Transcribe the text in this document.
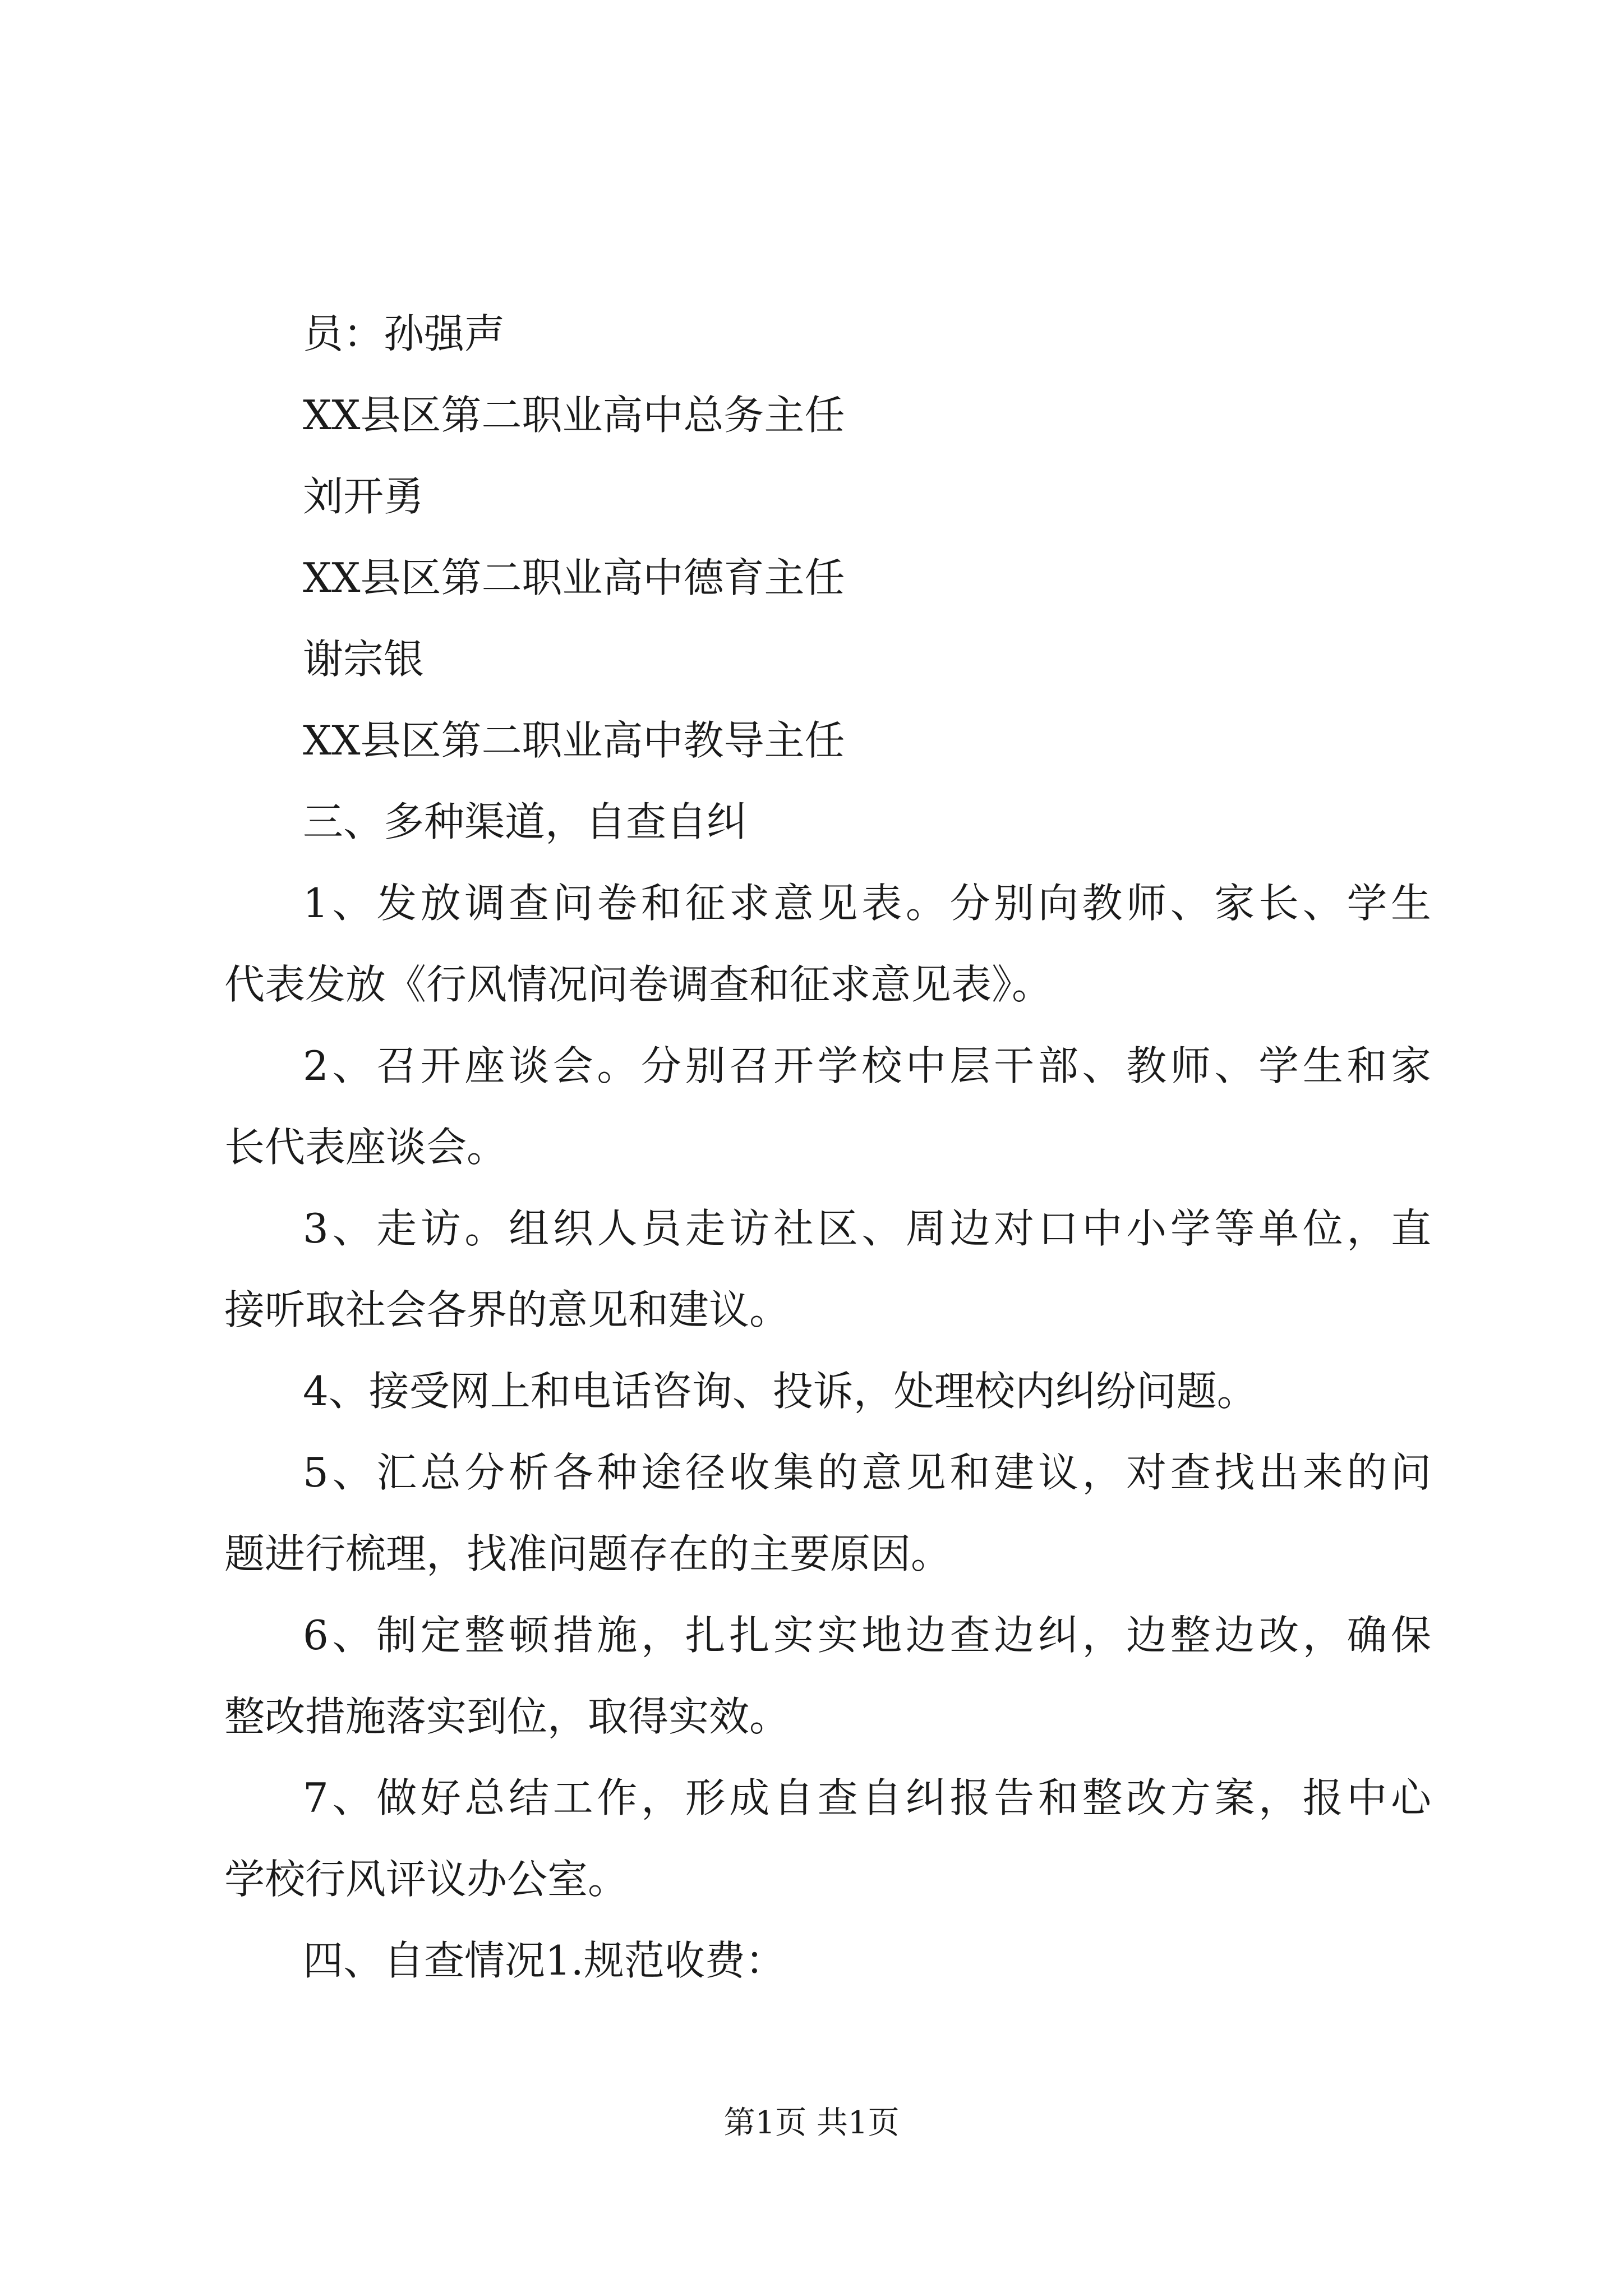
员：孙强声
XX县区第二职业高中总务主任
刘开勇
XX县区第二职业高中德育主任
谢宗银
XX县区第二职业高中教导主任
三、多种渠道，自查自纠
1、发放调查问卷和征求意见表。分别向教师、家长、学生
代表发放《行风情况问卷调查和征求意见表》。
2、召开座谈会。分别召开学校中层干部、教师、学生和家
长代表座谈会。
3、走访。组织人员走访社区、周边对口中小学等单位，直
接听取社会各界的意见和建议。
4、接受网上和电话咨询、投诉，处理校内纠纷问题。
5、汇总分析各种途径收集的意见和建议，对查找出来的问
题进行梳理，找准问题存在的主要原因。
6、制定整顿措施，扎扎实实地边查边纠，边整边改，确保
整改措施落实到位，取得实效。
7、做好总结工作，形成自查自纠报告和整改方案，报中心
学校行风评议办公室。
四、自查情况1.规范收费：
第1页 共1页
